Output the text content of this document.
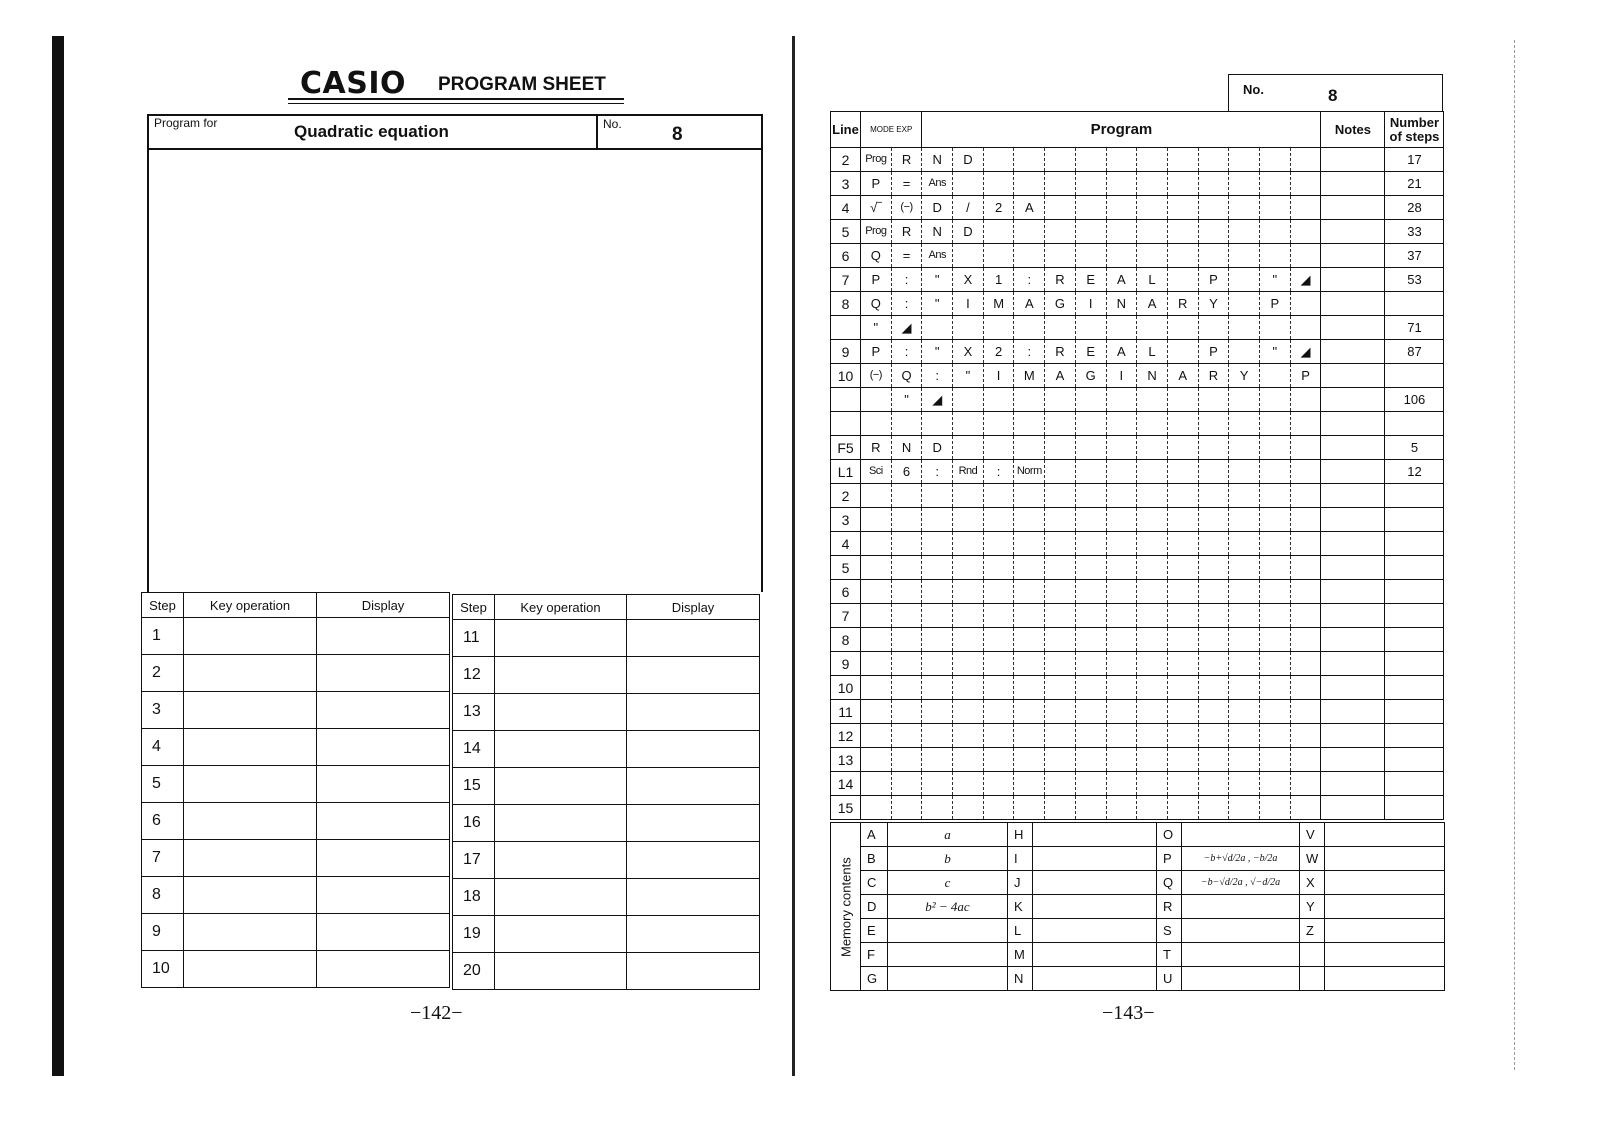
CASIO PROGRAM SHEET
Program for	Quadratic equation	No.	8
Step	Key operation	Display
1		
2		
3		
4		
5		
6		
7		
8		
9		
10		
Step	Key operation	Display
11		
12		
13		
14		
15		
16		
17		
18		
19		
20		
−142−
No.	8
Line	MODE EXP		Program													Notes	Number of steps
2	Prog	R	N	D													17
3	P	=	Ans														21
4	√‾	(−)	D	/	2	A											28
5	Prog	R	N	D													33
6	Q	=	Ans														37
7	P	:	"	X	1	:	R	E	A	L		P		"	◢		53
8	Q	:	"	I	M	A	G	I	N	A	R	Y		P			
	"	◢															71
9	P	:	"	X	2	:	R	E	A	L		P		"	◢		87
10	(−)	Q	:	"	I	M	A	G	I	N	A	R	Y		P		
		"	◢														106

F5	R	N	D														5
L1	Sci	6	:	Rnd	:	Norm											12
2																	
3																	
4																	
5																	
6																	
7																	
8																	
9																	
10																	
11																	
12																	
13																	
14																	
15																	
Memory contents	A	a	H		O		V	
	B	b	I		P	−b+√d/2a , −b/2a	W	
	C	c	J		Q	−b−√d/2a , √−d/2a	X	
	D	b² − 4ac	K		R		Y	
	E		L		S		Z	
	F		M		T			
	G		N		U			
−143−
